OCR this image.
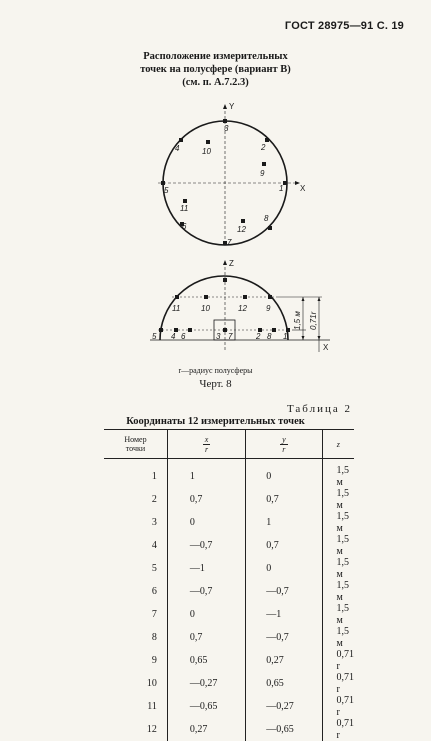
ГОСТ 28975—91 С. 19
Расположение измерительных
точек на полусфере (вариант В)
(см. п. А.7.2.3)
Y
X
3
4	10	2
9
5	1
11
6
8
12
7
Z
X
11	10	12 9
5 4 6	3 7	2 8 1
1,5 м 0,71r
r—радиус полусферы
Черт. 8
Таблица 2
Координаты 12 измерительных точек
Номер
точки	$\frac{x}{r}$	$\frac{y}{r}$	z
1	1	0	1,5 м
2	0,7	0,7	1,5 м
3	0	1	1,5 м
4	—0,7	0,7	1,5 м
5	—1	0	1,5 м
6	—0,7	—0,7	1,5 м
7	0	—1	1,5 м
8	0,7	—0,7	1,5 м
9	0,65	0,27	0,71 r
10	—0,27	0,65	0,71 r
11	—0,65	—0,27	0,71 r
12	0,27	—0,65	0,71 r
